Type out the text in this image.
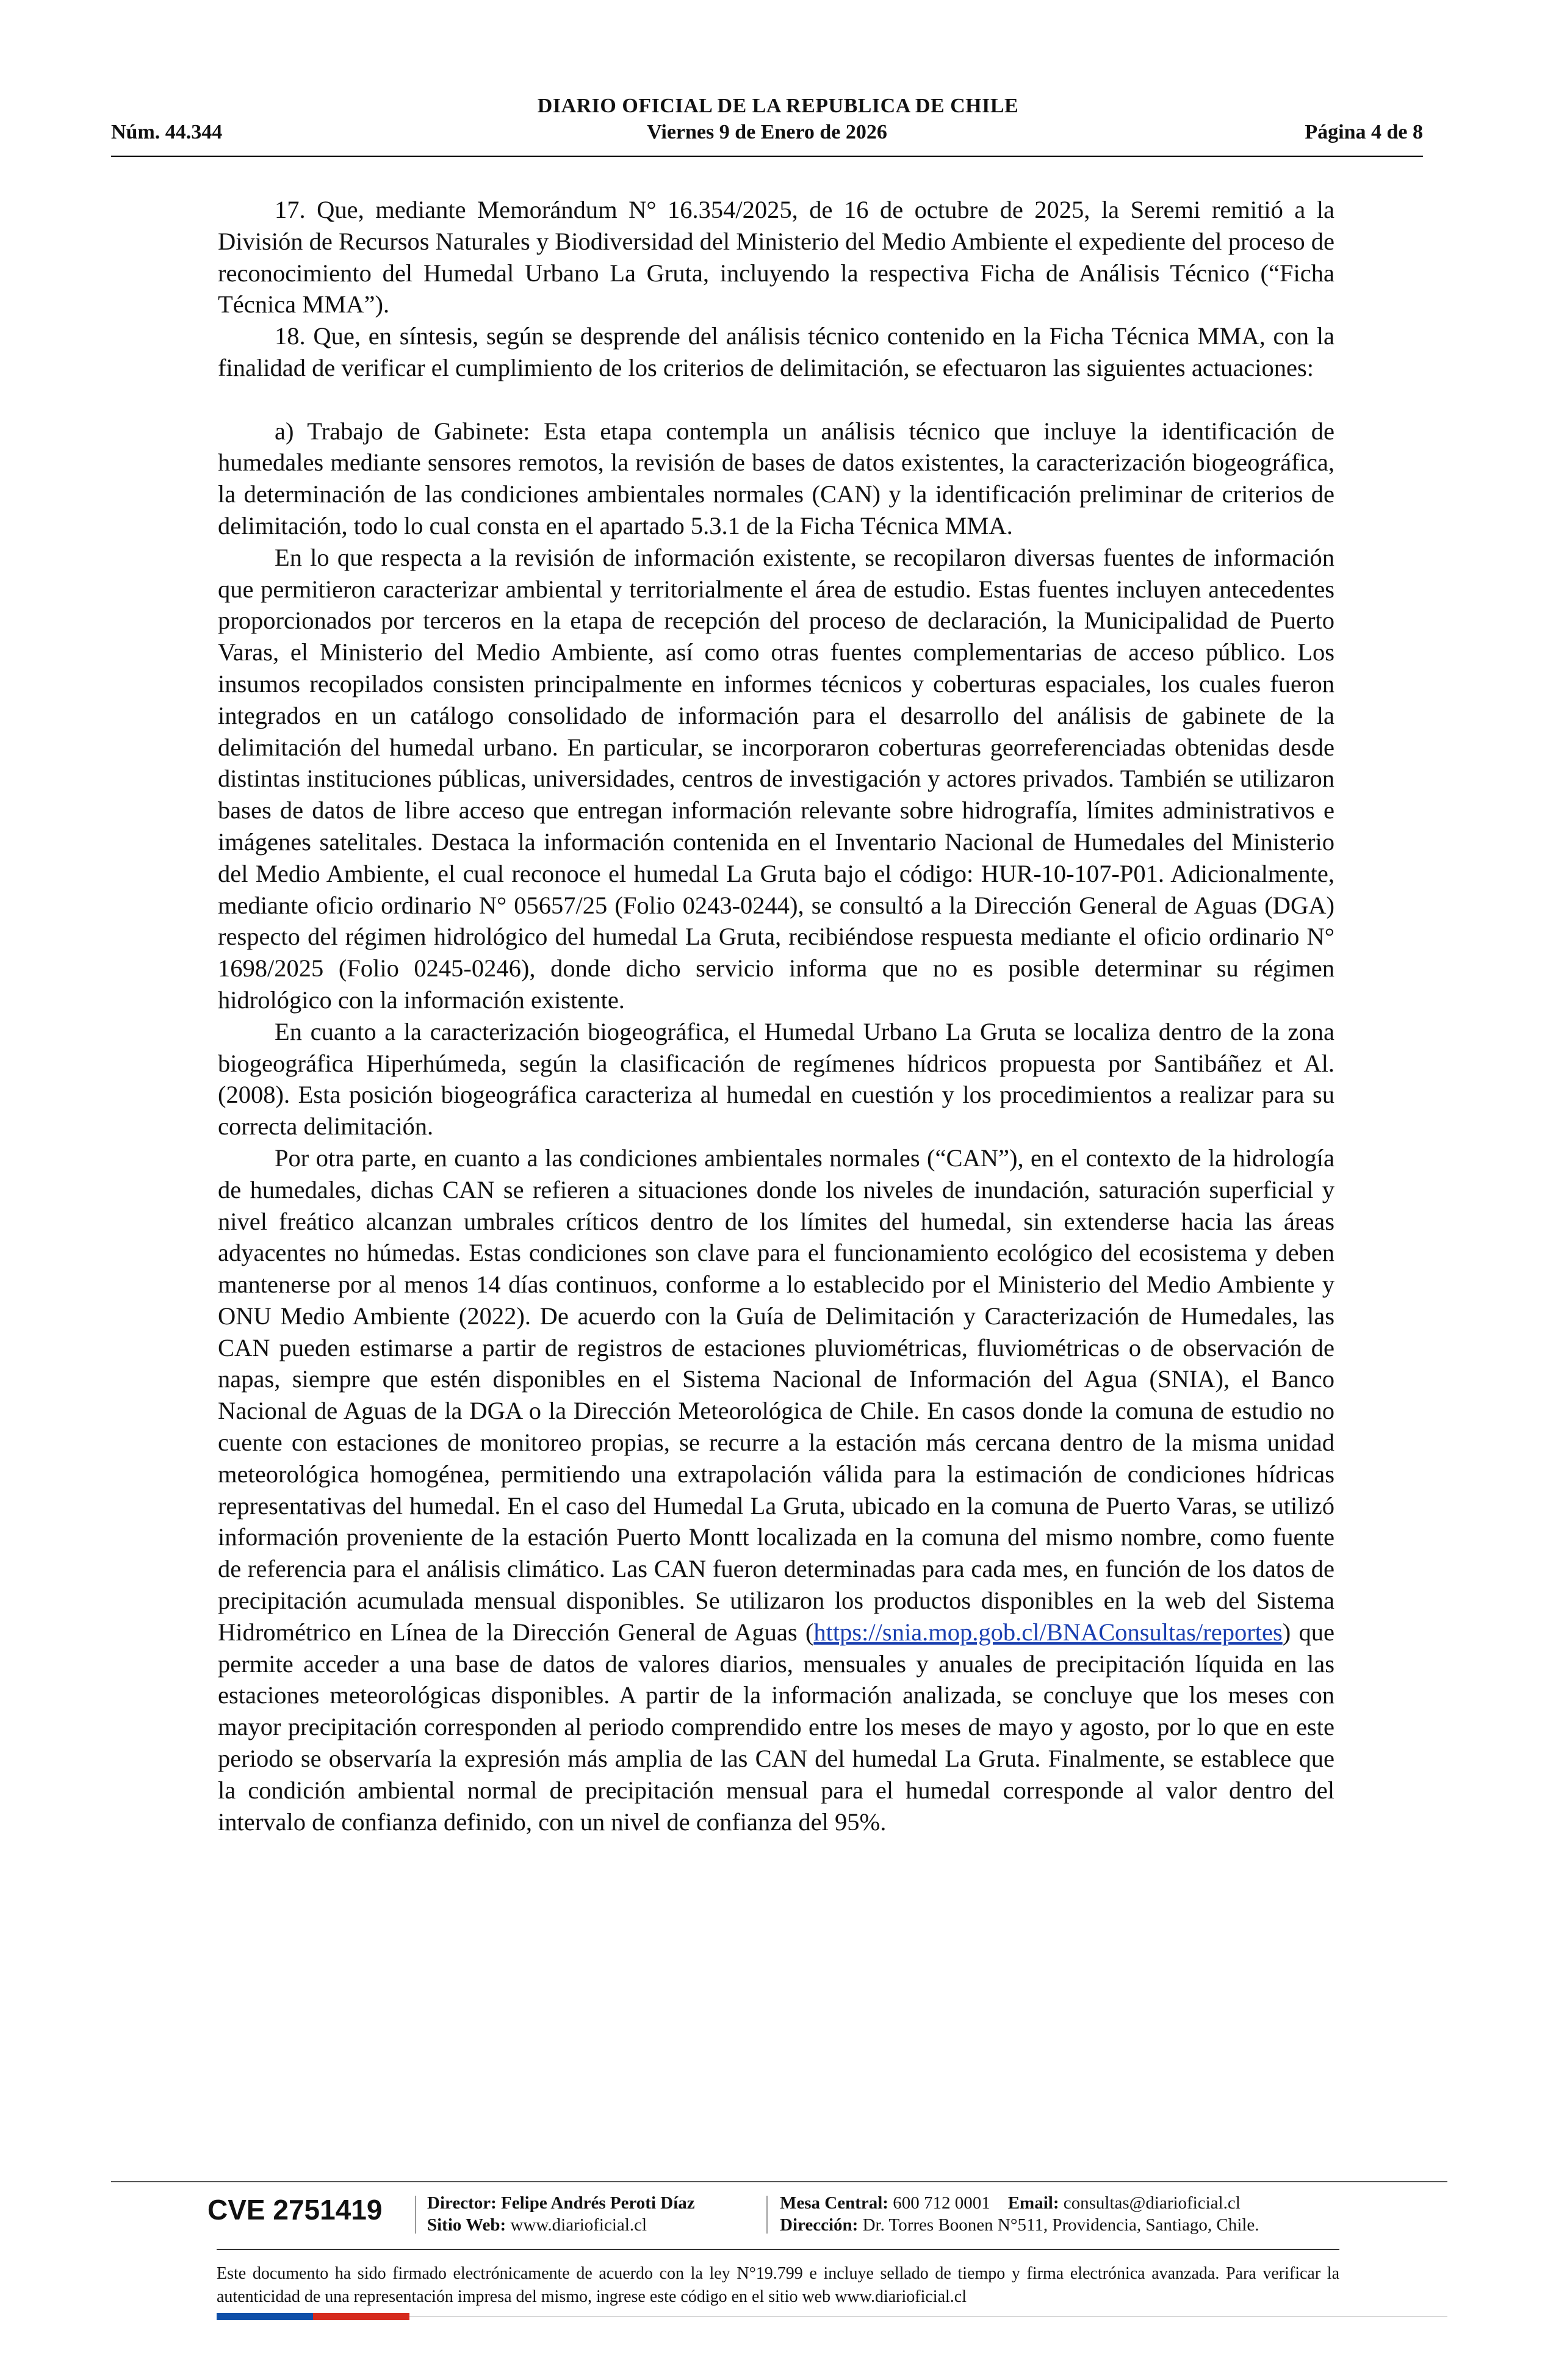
DIARIO OFICIAL DE LA REPUBLICA DE CHILE
Núm. 44.344	Viernes 9 de Enero de 2026	Página 4 de 8

17. Que, mediante Memorándum N° 16.354/2025, de 16 de octubre de 2025, la Seremi remitió a la División de Recursos Naturales y Biodiversidad del Ministerio del Medio Ambiente el expediente del proceso de reconocimiento del Humedal Urbano La Gruta, incluyendo la respectiva Ficha de Análisis Técnico (“Ficha Técnica MMA”).

18. Que, en síntesis, según se desprende del análisis técnico contenido en la Ficha Técnica MMA, con la finalidad de verificar el cumplimiento de los criterios de delimitación, se efectuaron las siguientes actuaciones:

a) Trabajo de Gabinete: Esta etapa contempla un análisis técnico que incluye la identificación de humedales mediante sensores remotos, la revisión de bases de datos existentes, la caracterización biogeográfica, la determinación de las condiciones ambientales normales (CAN) y la identificación preliminar de criterios de delimitación, todo lo cual consta en el apartado 5.3.1 de la Ficha Técnica MMA.

En lo que respecta a la revisión de información existente, se recopilaron diversas fuentes de información que permitieron caracterizar ambiental y territorialmente el área de estudio. Estas fuentes incluyen antecedentes proporcionados por terceros en la etapa de recepción del proceso de declaración, la Municipalidad de Puerto Varas, el Ministerio del Medio Ambiente, así como otras fuentes complementarias de acceso público. Los insumos recopilados consisten principalmente en informes técnicos y coberturas espaciales, los cuales fueron integrados en un catálogo consolidado de información para el desarrollo del análisis de gabinete de la delimitación del humedal urbano. En particular, se incorporaron coberturas georreferenciadas obtenidas desde distintas instituciones públicas, universidades, centros de investigación y actores privados. También se utilizaron bases de datos de libre acceso que entregan información relevante sobre hidrografía, límites administrativos e imágenes satelitales. Destaca la información contenida en el Inventario Nacional de Humedales del Ministerio del Medio Ambiente, el cual reconoce el humedal La Gruta bajo el código: HUR-10-107-P01. Adicionalmente, mediante oficio ordinario N° 05657/25 (Folio 0243-0244), se consultó a la Dirección General de Aguas (DGA) respecto del régimen hidrológico del humedal La Gruta, recibiéndose respuesta mediante el oficio ordinario N° 1698/2025 (Folio 0245-0246), donde dicho servicio informa que no es posible determinar su régimen hidrológico con la información existente.

En cuanto a la caracterización biogeográfica, el Humedal Urbano La Gruta se localiza dentro de la zona biogeográfica Hiperhúmeda, según la clasificación de regímenes hídricos propuesta por Santibáñez et Al. (2008). Esta posición biogeográfica caracteriza al humedal en cuestión y los procedimientos a realizar para su correcta delimitación.

Por otra parte, en cuanto a las condiciones ambientales normales (“CAN”), en el contexto de la hidrología de humedales, dichas CAN se refieren a situaciones donde los niveles de inundación, saturación superficial y nivel freático alcanzan umbrales críticos dentro de los límites del humedal, sin extenderse hacia las áreas adyacentes no húmedas. Estas condiciones son clave para el funcionamiento ecológico del ecosistema y deben mantenerse por al menos 14 días continuos, conforme a lo establecido por el Ministerio del Medio Ambiente y ONU Medio Ambiente (2022). De acuerdo con la Guía de Delimitación y Caracterización de Humedales, las CAN pueden estimarse a partir de registros de estaciones pluviométricas, fluviométricas o de observación de napas, siempre que estén disponibles en el Sistema Nacional de Información del Agua (SNIA), el Banco Nacional de Aguas de la DGA o la Dirección Meteorológica de Chile. En casos donde la comuna de estudio no cuente con estaciones de monitoreo propias, se recurre a la estación más cercana dentro de la misma unidad meteorológica homogénea, permitiendo una extrapolación válida para la estimación de condiciones hídricas representativas del humedal. En el caso del Humedal La Gruta, ubicado en la comuna de Puerto Varas, se utilizó información proveniente de la estación Puerto Montt localizada en la comuna del mismo nombre, como fuente de referencia para el análisis climático. Las CAN fueron determinadas para cada mes, en función de los datos de precipitación acumulada mensual disponibles. Se utilizaron los productos disponibles en la web del Sistema Hidrométrico en Línea de la Dirección General de Aguas (https://snia.mop.gob.cl/BNAConsultas/reportes) que permite acceder a una base de datos de valores diarios, mensuales y anuales de precipitación líquida en las estaciones meteorológicas disponibles. A partir de la información analizada, se concluye que los meses con mayor precipitación corresponden al periodo comprendido entre los meses de mayo y agosto, por lo que en este periodo se observaría la expresión más amplia de las CAN del humedal La Gruta. Finalmente, se establece que la condición ambiental normal de precipitación mensual para el humedal corresponde al valor dentro del intervalo de confianza definido, con un nivel de confianza del 95%.

CVE 2751419	Director: Felipe Andrés Peroti Díaz
Sitio Web: www.diarioficial.cl
Mesa Central: 600 712 0001 Email: consultas@diarioficial.cl
Dirección: Dr. Torres Boonen N°511, Providencia, Santiago, Chile.
Este documento ha sido firmado electrónicamente de acuerdo con la ley N°19.799 e incluye sellado de tiempo y firma electrónica avanzada. Para verificar la autenticidad de una representación impresa del mismo, ingrese este código en el sitio web www.diarioficial.cl
